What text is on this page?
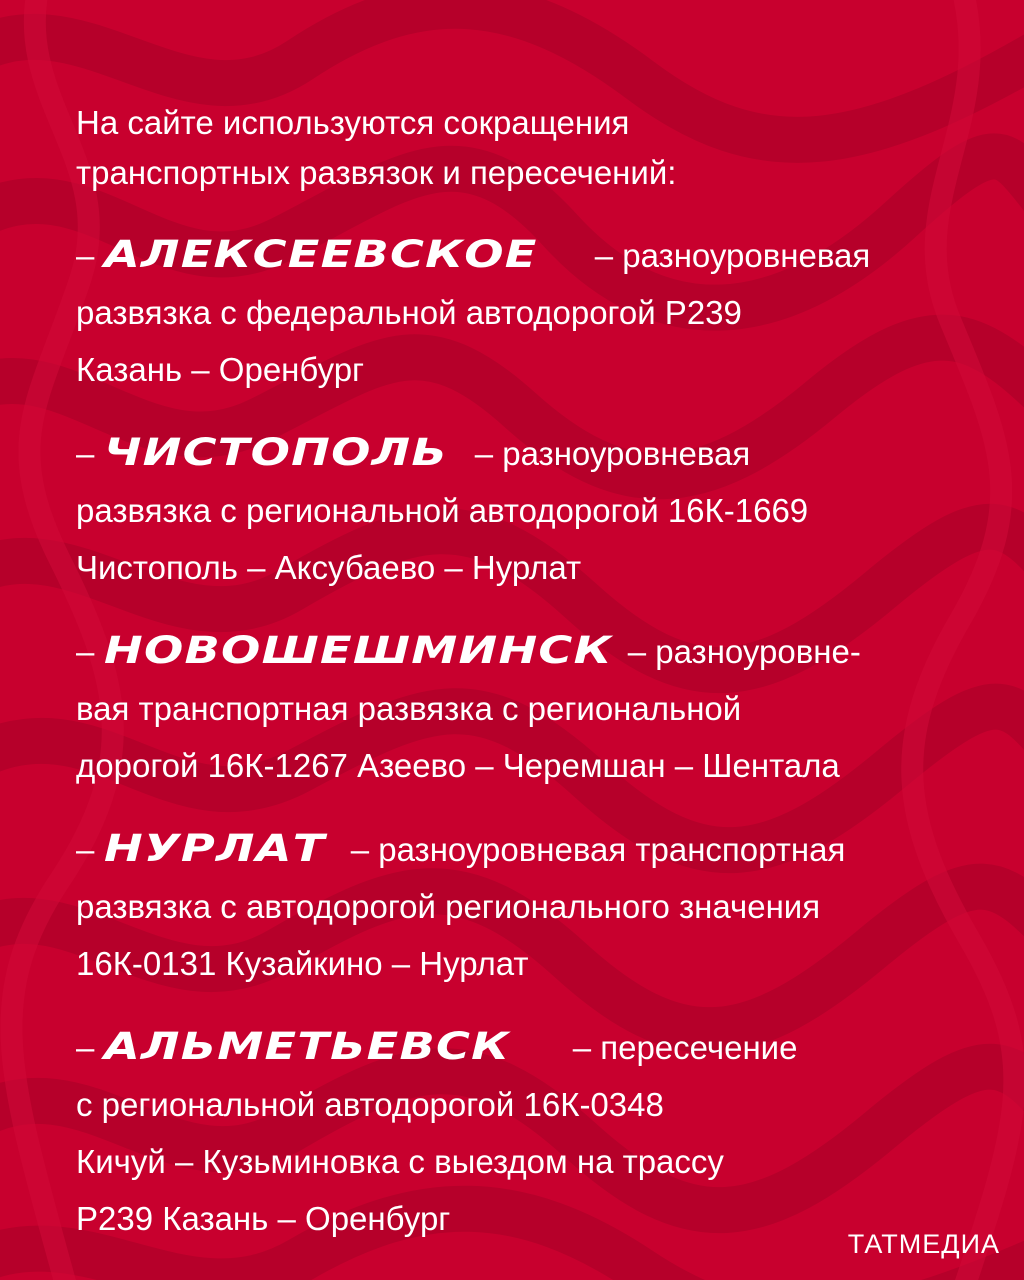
На сайте используются сокращения
транспортных развязок и пересечений:
– АЛЕКСЕЕВСКОЕ – разноуровневая
развязка с федеральной автодорогой Р239
Казань – Оренбург
– ЧИСТОПОЛЬ – разноуровневая
развязка с региональной автодорогой 16К-1669
Чистополь – Аксубаево – Нурлат
– НОВОШЕШМИНСК – разноуровне-
вая транспортная развязка с региональной
дорогой 16К-1267 Азеево – Черемшан – Шентала
– НУРЛАТ – разноуровневая транспортная
развязка с автодорогой регионального значения
16К-0131 Кузайкино – Нурлат
– АЛЬМЕТЬЕВСК – пересечение
с региональной автодорогой 16К-0348
Кичуй – Кузьминовка с выездом на трассу
Р239 Казань – Оренбург
ТАТМЕДИА
